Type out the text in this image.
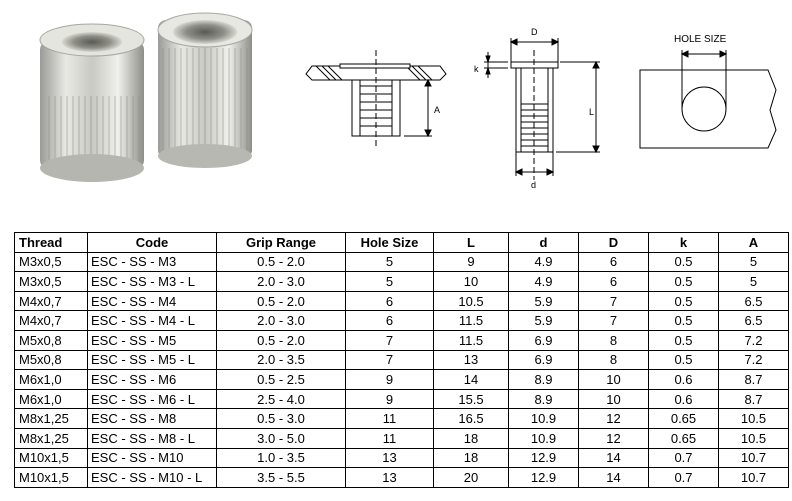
A
D
k
L
d
HOLE SIZE
Thread	Code	Grip Range	Hole Size	L	d	D	k	A
M3x0,5	ESC - SS - M3	0.5 - 2.0	5	9	4.9	6	0.5	5
M3x0,5	ESC - SS - M3 - L	2.0 - 3.0	5	10	4.9	6	0.5	5
M4x0,7	ESC - SS - M4	0.5 - 2.0	6	10.5	5.9	7	0.5	6.5
M4x0,7	ESC - SS - M4 - L	2.0 - 3.0	6	11.5	5.9	7	0.5	6.5
M5x0,8	ESC - SS - M5	0.5 - 2.0	7	11.5	6.9	8	0.5	7.2
M5x0,8	ESC - SS - M5 - L	2.0 - 3.5	7	13	6.9	8	0.5	7.2
M6x1,0	ESC - SS - M6	0.5 - 2.5	9	14	8.9	10	0.6	8.7
M6x1,0	ESC - SS - M6 - L	2.5 - 4.0	9	15.5	8.9	10	0.6	8.7
M8x1,25	ESC - SS - M8	0.5 - 3.0	11	16.5	10.9	12	0.65	10.5
M8x1,25	ESC - SS - M8 - L	3.0 - 5.0	11	18	10.9	12	0.65	10.5
M10x1,5	ESC - SS - M10	1.0 - 3.5	13	18	12.9	14	0.7	10.7
M10x1,5	ESC - SS - M10 - L	3.5 - 5.5	13	20	12.9	14	0.7	10.7
